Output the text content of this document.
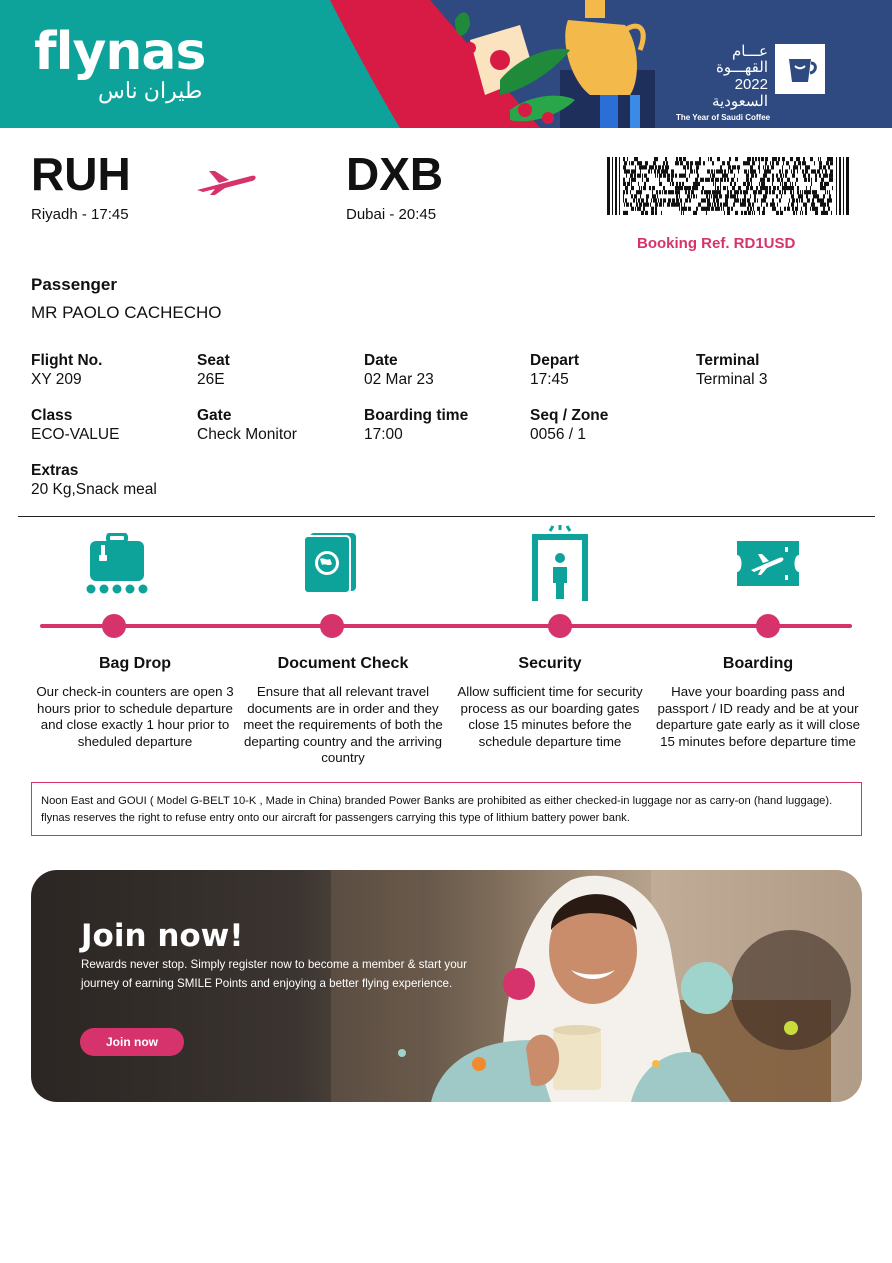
flynas
طيران ناس
عـــام القهـــوة
2022 السعودية
The Year of Saudi Coffee
RUH
Riyadh - 17:45
DXB
Dubai - 20:45
Booking Ref. RD1USD
Passenger
MR PAOLO CACHECHO
Flight No.
XY 209
Seat
26E
Date
02 Mar 23
Depart
17:45
Terminal
Terminal 3
Class
ECO-VALUE
Gate
Check Monitor
Boarding time
17:00
Seq / Zone
0056 / 1
Extras
20 Kg,Snack meal
Bag Drop
Our check-in counters are open 3 hours prior to schedule departure and close exactly 1 hour prior to sheduled departure
Document Check
Ensure that all relevant travel documents are in order and they meet the requirements of both the departing country and the arriving country
Security
Allow sufficient time for security process as our boarding gates close 15 minutes before the schedule departure time
Boarding
Have your boarding pass and passport / ID ready and be at your departure gate early as it will close 15 minutes before departure time
Noon East and GOUI ( Model G-BELT 10-K , Made in China) branded Power Banks are prohibited as either checked-in luggage nor as carry-on (hand luggage). flynas reserves the right to refuse entry onto our aircraft for passengers carrying this type of lithium battery power bank.
Join now!
Rewards never stop. Simply register now to become a member & start your journey of earning SMILE Points and enjoying a better flying experience.
Join now
